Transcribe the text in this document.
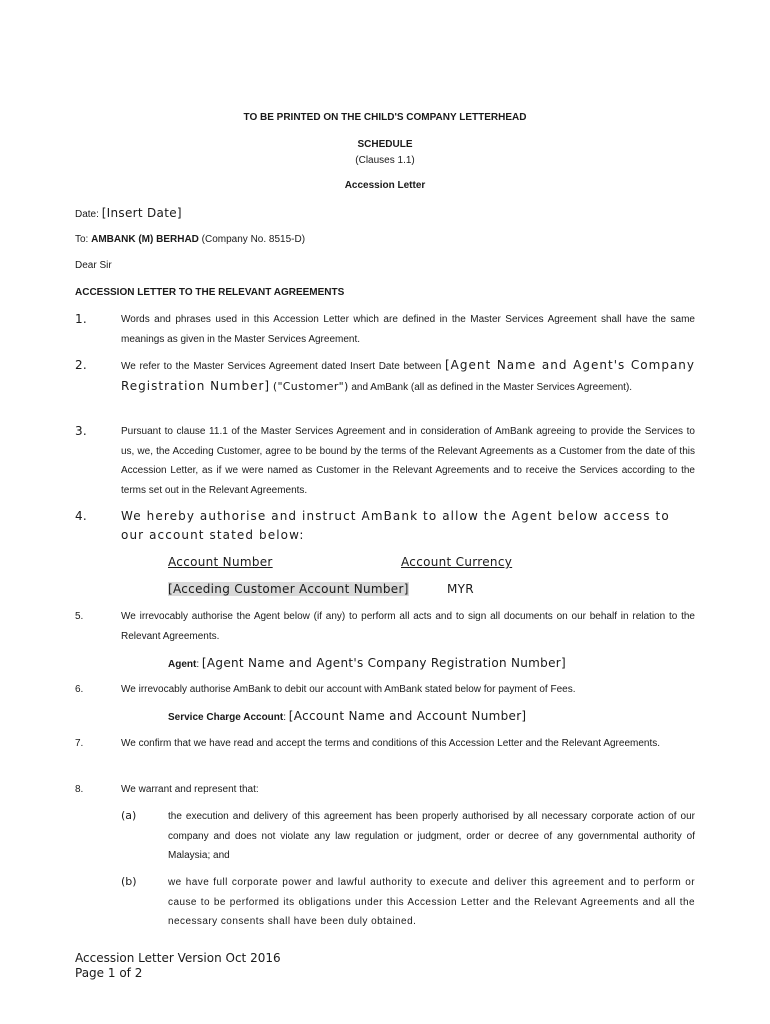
TO BE PRINTED ON THE CHILD'S COMPANY LETTERHEAD
SCHEDULE
(Clauses 1.1)
Accession Letter
Date: [Insert Date]
To: AMBANK (M) BERHAD (Company No. 8515-D)
Dear Sir
ACCESSION LETTER TO THE RELEVANT AGREEMENTS
1.	Words and phrases used in this Accession Letter which are defined in the Master Services Agreement shall have the same meanings as given in the Master Services Agreement.
2.	We refer to the Master Services Agreement dated Insert Date between [Agent Name and Agent's Company Registration Number] ("Customer") and AmBank (all as defined in the Master Services Agreement).
3.	Pursuant to clause 11.1 of the Master Services Agreement and in consideration of AmBank agreeing to provide the Services to us, we, the Acceding Customer, agree to be bound by the terms of the Relevant Agreements as a Customer from the date of this Accession Letter, as if we were named as Customer in the Relevant Agreements and to receive the Services according to the terms set out in the Relevant Agreements.
4.	We hereby authorise and instruct AmBank to allow the Agent below access to our account stated below:
Account Number	Account Currency
[Acceding Customer Account Number]	MYR
5.	We irrevocably authorise the Agent below (if any) to perform all acts and to sign all documents on our behalf in relation to the Relevant Agreements.
Agent: [Agent Name and Agent's Company Registration Number]
6.	We irrevocably authorise AmBank to debit our account with AmBank stated below for payment of Fees.
Service Charge Account: [Account Name and Account Number]
7.	We confirm that we have read and accept the terms and conditions of this Accession Letter and the Relevant Agreements.
8.	We warrant and represent that:
(a)	the execution and delivery of this agreement has been properly authorised by all necessary corporate action of our company and does not violate any law regulation or judgment, order or decree of any governmental authority of Malaysia; and
(b)	we have full corporate power and lawful authority to execute and deliver this agreement and to perform or cause to be performed its obligations under this Accession Letter and the Relevant Agreements and all the necessary consents shall have been duly obtained.
Accession Letter Version Oct 2016
Page 1 of 2
